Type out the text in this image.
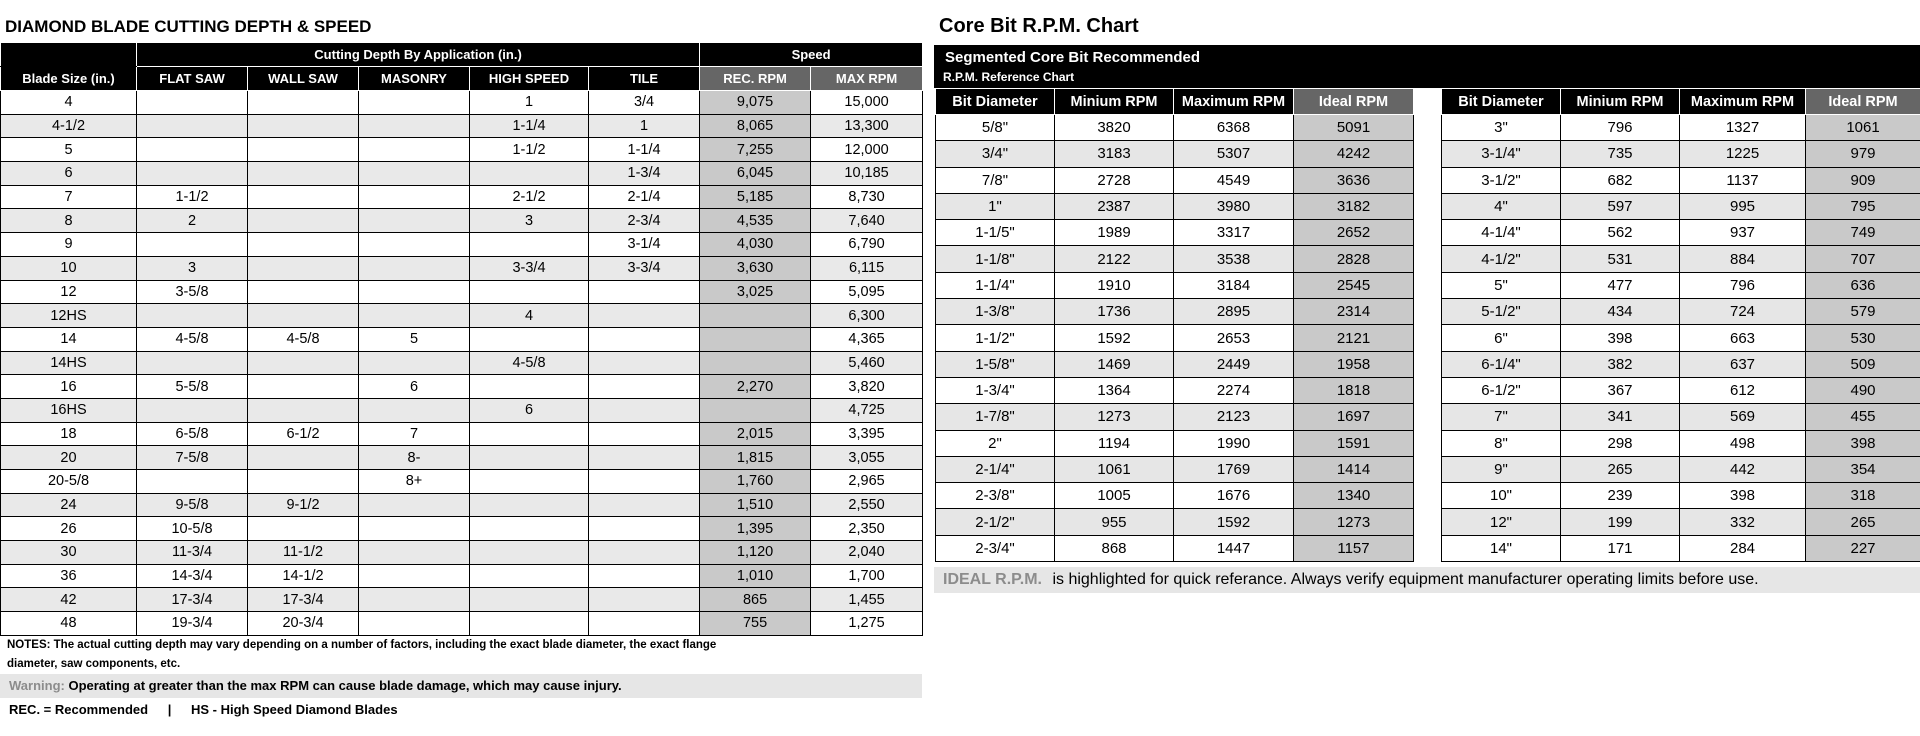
DIAMOND BLADE CUTTING DEPTH & SPEED
	Cutting Depth By Application (in.)					Speed	
Blade Size (in.)	FLAT SAW	WALL SAW	MASONRY	HIGH SPEED	TILE	REC. RPM	MAX RPM
4				1	3/4	9,075	15,000
4-1/2				1-1/4	1	8,065	13,300
5				1-1/2	1-1/4	7,255	12,000
6					1-3/4	6,045	10,185
7	1-1/2			2-1/2	2-1/4	5,185	8,730
8	2			3	2-3/4	4,535	7,640
9					3-1/4	4,030	6,790
10	3			3-3/4	3-3/4	3,630	6,115
12	3-5/8					3,025	5,095
12HS				4			6,300
14	4-5/8	4-5/8	5				4,365
14HS				4-5/8			5,460
16	5-5/8		6			2,270	3,820
16HS				6			4,725
18	6-5/8	6-1/2	7			2,015	3,395
20	7-5/8		8-			1,815	3,055
20-5/8			8+			1,760	2,965
24	9-5/8	9-1/2				1,510	2,550
26	10-5/8					1,395	2,350
30	11-3/4	11-1/2				1,120	2,040
36	14-3/4	14-1/2				1,010	1,700
42	17-3/4	17-3/4				865	1,455
48	19-3/4	20-3/4				755	1,275
NOTES: The actual cutting depth may vary depending on a number of factors, including the exact blade diameter, the exact flange
diameter, saw components, etc.
Warning: Operating at greater than the max RPM can cause blade damage, which may cause injury.
REC. = Recommended | HS - High Speed Diamond Blades
Core Bit R.P.M. Chart
Segmented Core Bit Recommended
R.P.M. Reference Chart
Bit Diameter	Minium RPM	Maximum RPM	Ideal RPM
5/8"	3820	6368	5091
3/4"	3183	5307	4242
7/8"	2728	4549	3636
1"	2387	3980	3182
1-1/5"	1989	3317	2652
1-1/8"	2122	3538	2828
1-1/4"	1910	3184	2545
1-3/8"	1736	2895	2314
1-1/2"	1592	2653	2121
1-5/8"	1469	2449	1958
1-3/4"	1364	2274	1818
1-7/8"	1273	2123	1697
2"	1194	1990	1591
2-1/4"	1061	1769	1414
2-3/8"	1005	1676	1340
2-1/2"	955	1592	1273
2-3/4"	868	1447	1157
Bit Diameter	Minium RPM	Maximum RPM	Ideal RPM
3"	796	1327	1061
3-1/4"	735	1225	979
3-1/2"	682	1137	909
4"	597	995	795
4-1/4"	562	937	749
4-1/2"	531	884	707
5"	477	796	636
5-1/2"	434	724	579
6"	398	663	530
6-1/4"	382	637	509
6-1/2"	367	612	490
7"	341	569	455
8"	298	498	398
9"	265	442	354
10"	239	398	318
12"	199	332	265
14"	171	284	227
IDEAL R.P.M. is highlighted for quick referance. Always verify equipment manufacturer operating limits before use.
